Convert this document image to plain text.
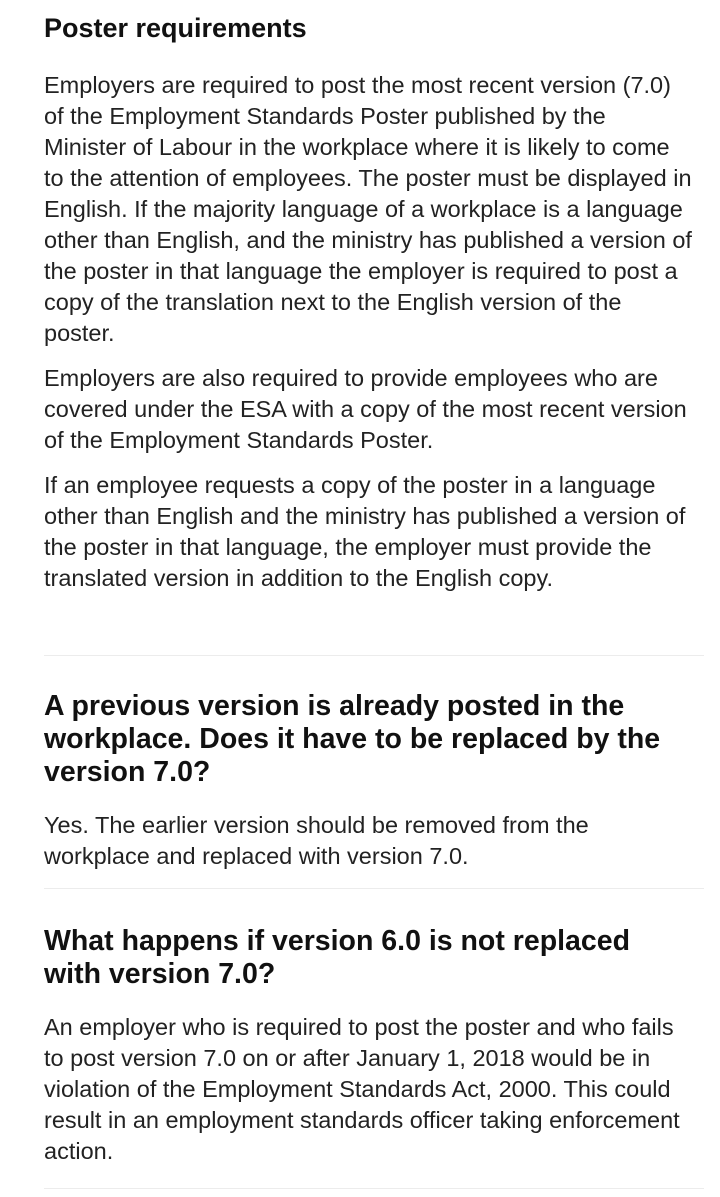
Poster requirements

Employers are required to post the most recent version (7.0) of the Employment Standards Poster published by the Minister of Labour in the workplace where it is likely to come to the attention of employees. The poster must be displayed in English. If the majority language of a workplace is a language other than English, and the ministry has published a version of the poster in that language the employer is required to post a copy of the translation next to the English version of the poster.

Employers are also required to provide employees who are covered under the ESA with a copy of the most recent version of the Employment Standards Poster.

If an employee requests a copy of the poster in a language other than English and the ministry has published a version of the poster in that language, the employer must provide the translated version in addition to the English copy.

A previous version is already posted in the workplace. Does it have to be replaced by the version 7.0?

Yes. The earlier version should be removed from the workplace and replaced with version 7.0.

What happens if version 6.0 is not replaced with version 7.0?

An employer who is required to post the poster and who fails to post version 7.0 on or after January 1, 2018 would be in violation of the Employment Standards Act, 2000. This could result in an employment standards officer taking enforcement action.
